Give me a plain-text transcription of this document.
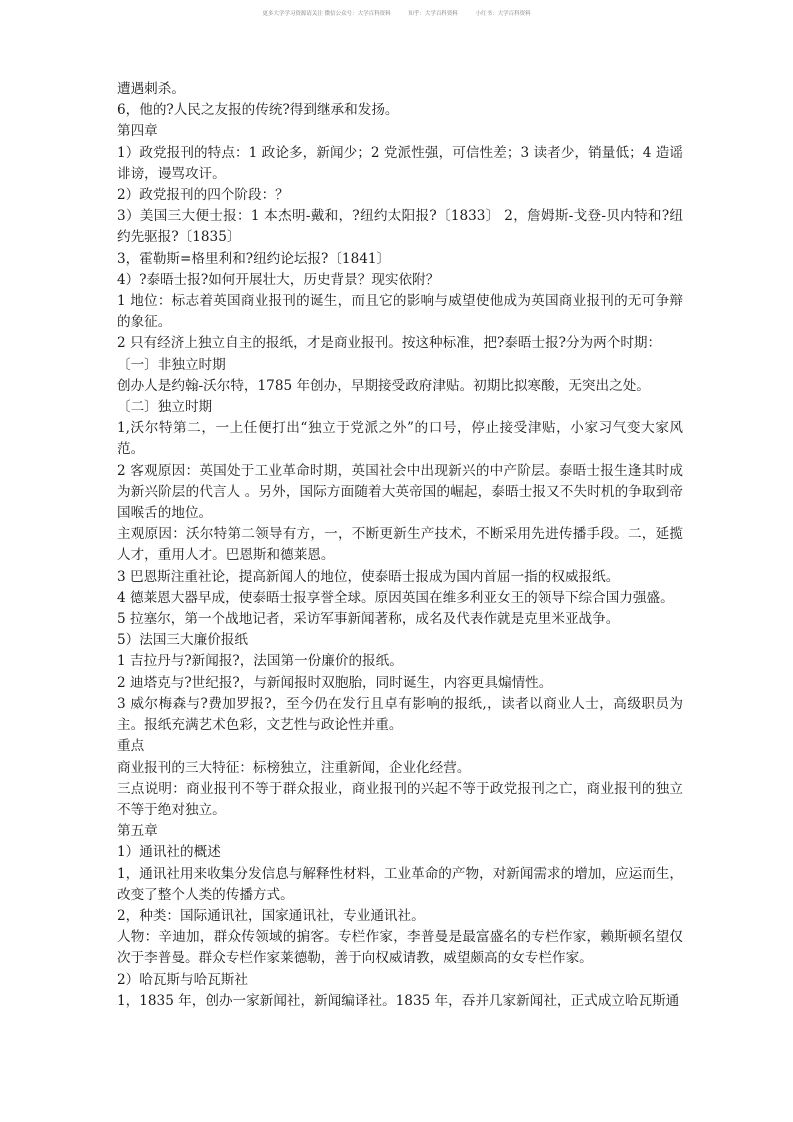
更多大学学习资源请关注 微信公众号：大学百科资料	知乎：大学百科资料	小红书：大学百科资料

遭遇刺杀。

6，他的?人民之友报的传统?得到继承和发扬。

第四章

1）政党报刊的特点：1 政论多，新闻少；2 党派性强，可信性差；3 读者少，销量低；4 造谣诽谤，谩骂攻讦。

2）政党报刊的四个阶段：？

3）美国三大便士报：1 本杰明-戴和，?纽约太阳报?〔1833〕 2，詹姆斯-戈登-贝内特和?纽约先驱报?〔1835〕

3，霍勒斯=格里利和?纽约论坛报?〔1841〕

4）?泰晤士报?如何开展壮大，历史背景？现实依附？

1 地位：标志着英国商业报刊的诞生，而且它的影响与威望使他成为英国商业报刊的无可争辩的象征。

2 只有经济上独立自主的报纸，才是商业报刊。按这种标准，把?泰晤士报?分为两个时期：

〔一〕非独立时期

创办人是约翰-沃尔特，1785 年创办，早期接受政府津贴。初期比拟寒酸，无突出之处。

〔二〕独立时期

1,沃尔特第二，一上任便打出“独立于党派之外”的口号，停止接受津贴，小家习气变大家风范。

2 客观原因：英国处于工业革命时期，英国社会中出现新兴的中产阶层。泰晤士报生逢其时成为新兴阶层的代言人 。另外，国际方面随着大英帝国的崛起，泰晤士报又不失时机的争取到帝国喉舌的地位。

主观原因：沃尔特第二领导有方，一，不断更新生产技术，不断采用先进传播手段。二，延揽人才，重用人才。巴恩斯和德莱恩。

3 巴恩斯注重社论，提高新闻人的地位，使泰晤士报成为国内首屈一指的权威报纸。

4 德莱恩大器早成，使泰晤士报享誉全球。原因英国在维多利亚女王的领导下综合国力强盛。

5 拉塞尔，第一个战地记者，采访军事新闻著称，成名及代表作就是克里米亚战争。

5）法国三大廉价报纸

1 吉拉丹与?新闻报?，法国第一份廉价的报纸。

2 迪塔克与?世纪报?，与新闻报时双胞胎，同时诞生，内容更具煽情性。

3 威尔梅森与?费加罗报?，至今仍在发行且卓有影响的报纸,，读者以商业人士，高级职员为主。报纸充满艺术色彩，文艺性与政论性并重。

重点

商业报刊的三大特征：标榜独立，注重新闻，企业化经营。

三点说明：商业报刊不等于群众报业，商业报刊的兴起不等于政党报刊之亡，商业报刊的独立不等于绝对独立。

第五章

1）通讯社的概述

1，通讯社用来收集分发信息与解释性材料，工业革命的产物，对新闻需求的增加，应运而生，改变了整个人类的传播方式。

2，种类：国际通讯社，国家通讯社，专业通讯社。

人物：辛迪加，群众传领域的掮客。专栏作家，李普曼是最富盛名的专栏作家，赖斯顿名望仅次于李普曼。群众专栏作家莱德勒，善于向权威请教，威望颇高的女专栏作家。

2）哈瓦斯与哈瓦斯社

1，1835 年，创办一家新闻社，新闻编译社。1835 年，吞并几家新闻社，正式成立哈瓦斯通
